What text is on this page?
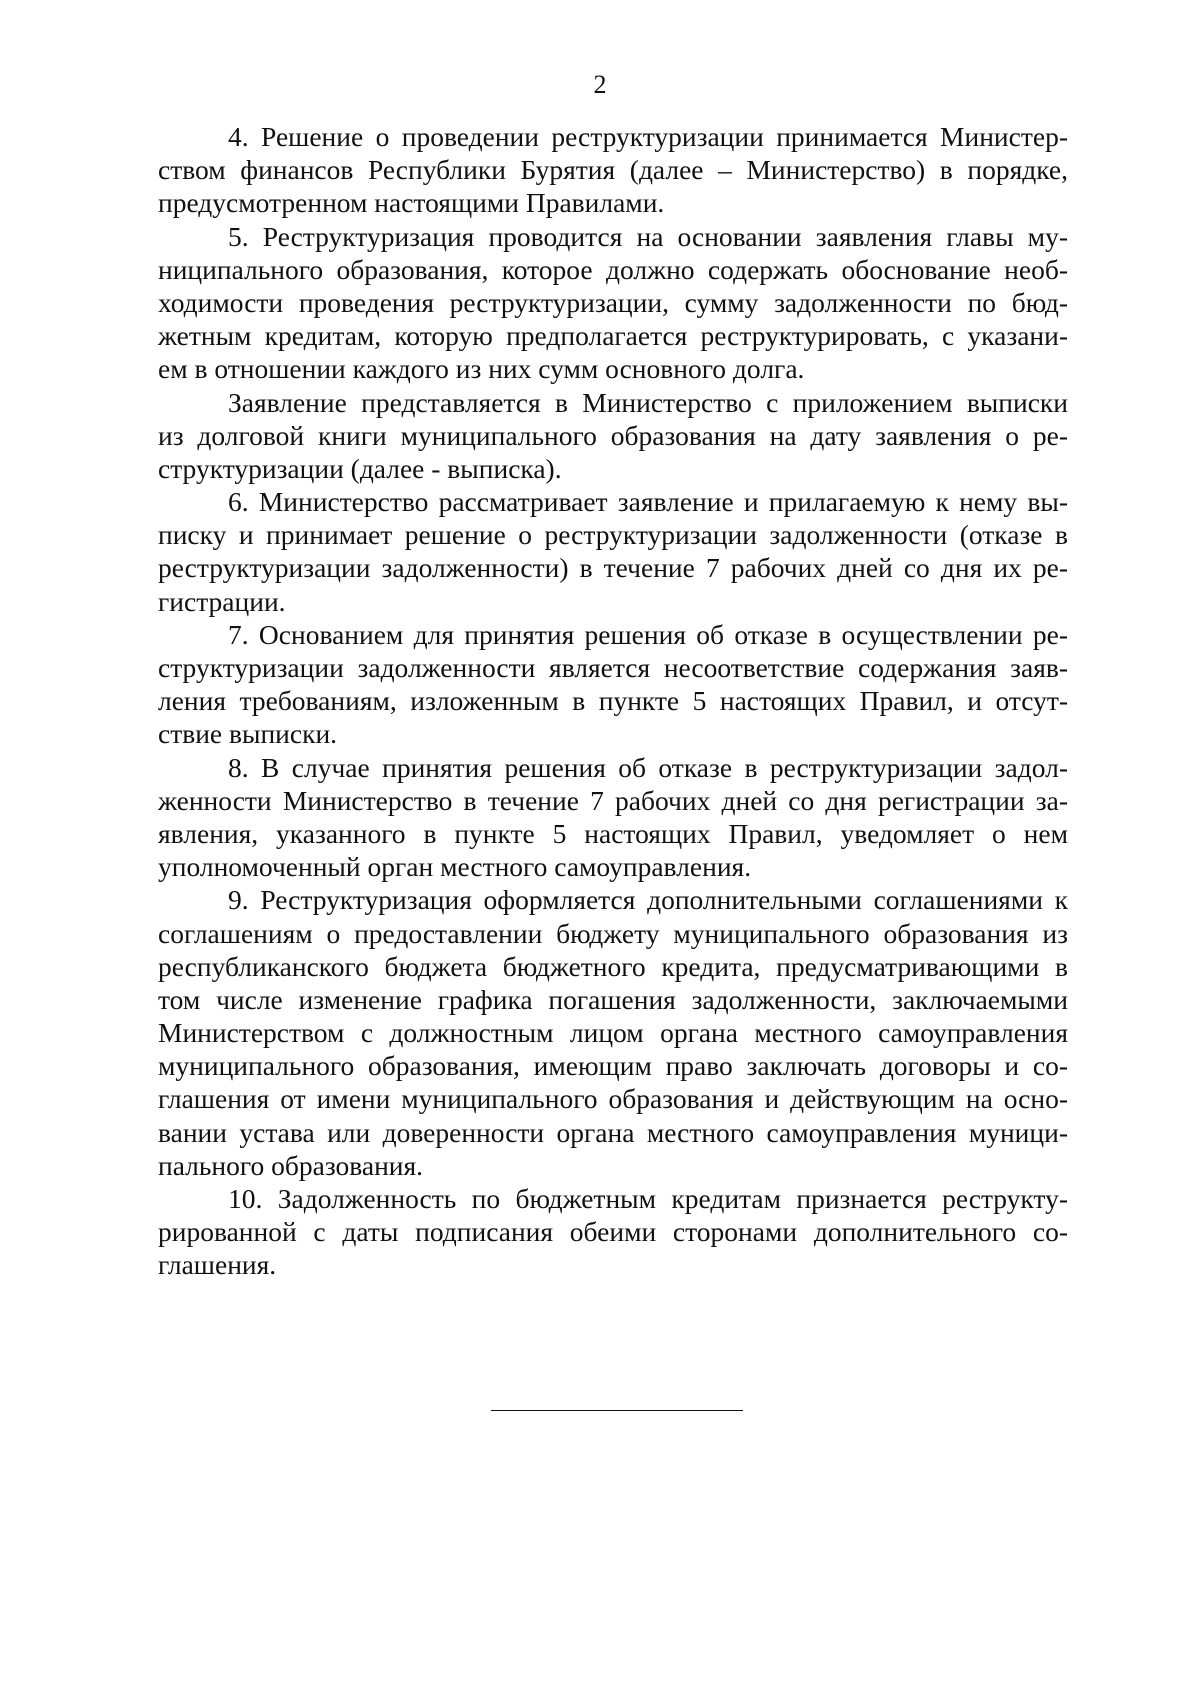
2
4. Решение о проведении реструктуризации принимается Министер-
ством финансов Республики Бурятия (далее – Министерство) в порядке,
предусмотренном настоящими Правилами.
5. Реструктуризация проводится на основании заявления главы му-
ниципального образования, которое должно содержать обоснование необ-
ходимости проведения реструктуризации, сумму задолженности по бюд-
жетным кредитам, которую предполагается реструктурировать, с указани-
ем в отношении каждого из них сумм основного долга.
Заявление представляется в Министерство с приложением выписки
из долговой книги муниципального образования на дату заявления о ре-
структуризации (далее - выписка).
6. Министерство рассматривает заявление и прилагаемую к нему вы-
писку и принимает решение о реструктуризации задолженности (отказе в
реструктуризации задолженности) в течение 7 рабочих дней со дня их ре-
гистрации.
7. Основанием для принятия решения об отказе в осуществлении ре-
структуризации задолженности является несоответствие содержания заяв-
ления требованиям, изложенным в пункте 5 настоящих Правил, и отсут-
ствие выписки.
8. В случае принятия решения об отказе в реструктуризации задол-
женности Министерство в течение 7 рабочих дней со дня регистрации за-
явления, указанного в пункте 5 настоящих Правил, уведомляет о нем
уполномоченный орган местного самоуправления.
9. Реструктуризация оформляется дополнительными соглашениями к
соглашениям о предоставлении бюджету муниципального образования из
республиканского бюджета бюджетного кредита, предусматривающими в
том числе изменение графика погашения задолженности, заключаемыми
Министерством с должностным лицом органа местного самоуправления
муниципального образования, имеющим право заключать договоры и со-
глашения от имени муниципального образования и действующим на осно-
вании устава или доверенности органа местного самоуправления муници-
пального образования.
10. Задолженность по бюджетным кредитам признается реструкту-
рированной с даты подписания обеими сторонами дополнительного со-
глашения.
